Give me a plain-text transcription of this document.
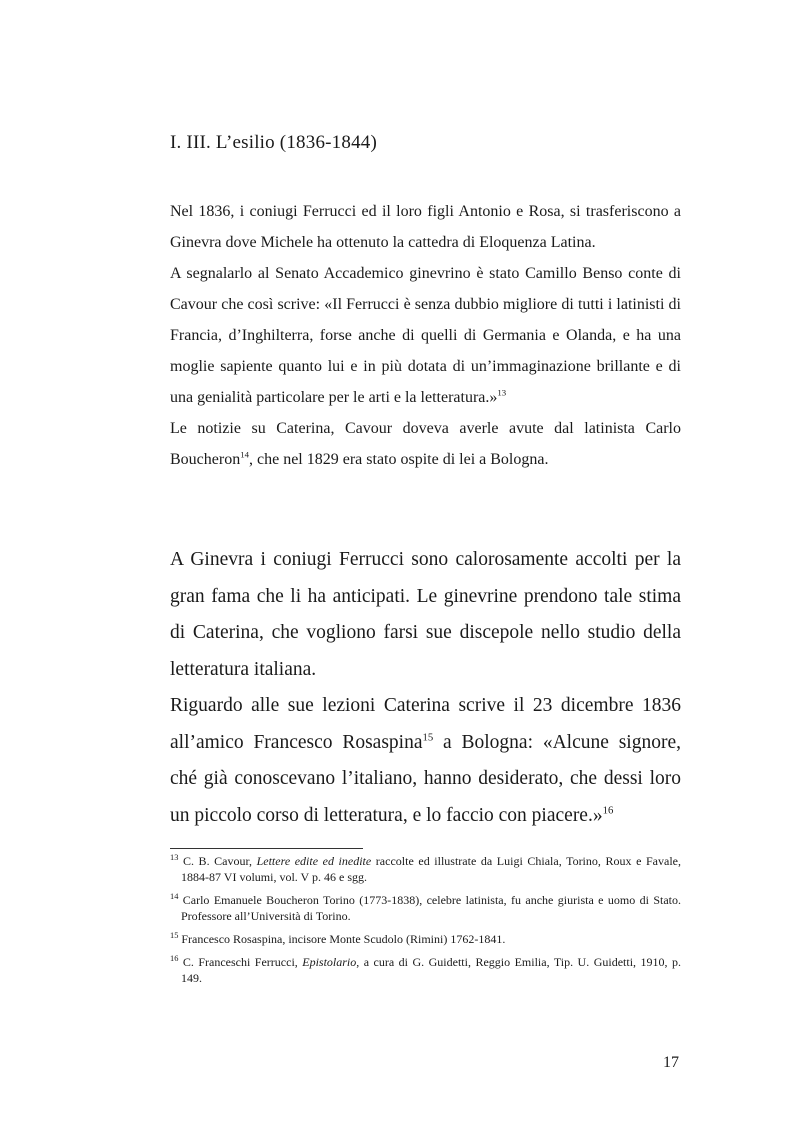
I. III. L’esilio (1836-1844)

Nel 1836, i coniugi Ferrucci ed il loro figli Antonio e Rosa, si trasferiscono a Ginevra dove Michele ha ottenuto la cattedra di Eloquenza Latina.

A segnalarlo al Senato Accademico ginevrino è stato Camillo Benso conte di Cavour che così scrive: «Il Ferrucci è senza dubbio migliore di tutti i latinisti di Francia, d’Inghilterra, forse anche di quelli di Germania e Olanda, e ha una moglie sapiente quanto lui e in più dotata di un’immaginazione brillante e di una genialità particolare per le arti e la letteratura.»$^{13}$

Le notizie su Caterina, Cavour doveva averle avute dal latinista Carlo Boucheron$^{14}$, che nel 1829 era stato ospite di lei a Bologna.

A Ginevra i coniugi Ferrucci sono calorosamente accolti per la gran fama che li ha anticipati. Le ginevrine prendono tale stima di Caterina, che vogliono farsi sue discepole nello studio della letteratura italiana.

Riguardo alle sue lezioni Caterina scrive il 23 dicembre 1836 all’amico Francesco Rosaspina$^{15}$ a Bologna: «Alcune signore, ché già conoscevano l’italiano, hanno desiderato, che dessi loro un piccolo corso di letteratura, e lo faccio con piacere.»$^{16}$

$^{13}$ C. B. Cavour, Lettere edite ed inedite raccolte ed illustrate da Luigi Chiala, Torino, Roux e Favale, 1884-87 VI volumi, vol. V p. 46 e sgg.

$^{14}$ Carlo Emanuele Boucheron Torino (1773-1838), celebre latinista, fu anche giurista e uomo di Stato. Professore all’Università di Torino.

$^{15}$ Francesco Rosaspina, incisore Monte Scudolo (Rimini) 1762-1841.

$^{16}$ C. Franceschi Ferrucci, Epistolario, a cura di G. Guidetti, Reggio Emilia, Tip. U. Guidetti, 1910, p. 149.

17
